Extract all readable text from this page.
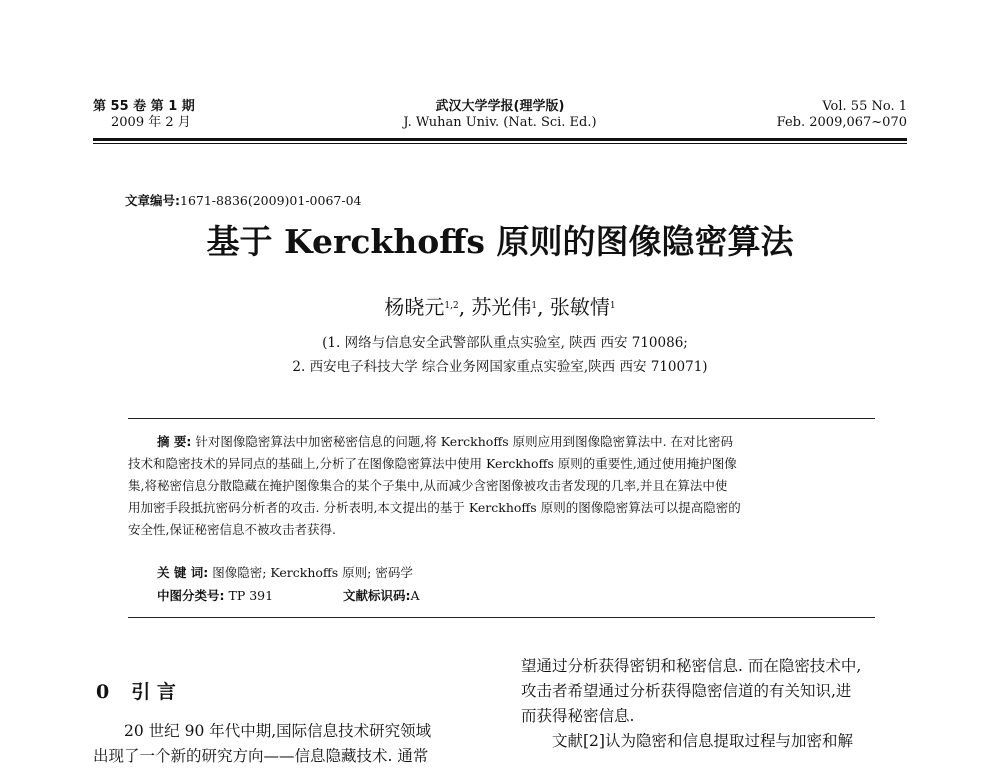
第 55 卷 第 1 期
2009 年 2 月
武汉大学学报(理学版)
J. Wuhan Univ. (Nat. Sci. Ed.)
Vol. 55 No. 1
Feb. 2009,067~070
文章编号:1671-8836(2009)01-0067-04
基于 Kerckhoffs 原则的图像隐密算法
杨晓元$^{1,2}$, 苏光伟$^1$, 张敏情$^1$
(1. 网络与信息安全武警部队重点实验室, 陕西 西安 710086;
2. 西安电子科技大学 综合业务网国家重点实验室,陕西 西安 710071)
摘 要: 针对图像隐密算法中加密秘密信息的问题,将 Kerckhoffs 原则应用到图像隐密算法中. 在对比密码
技术和隐密技术的异同点的基础上,分析了在图像隐密算法中使用 Kerckhoffs 原则的重要性,通过使用掩护图像
集,将秘密信息分散隐藏在掩护图像集合的某个子集中,从而减少含密图像被攻击者发现的几率,并且在算法中使
用加密手段抵抗密码分析者的攻击. 分析表明,本文提出的基于 Kerckhoffs 原则的图像隐密算法可以提高隐密的
安全性,保证秘密信息不被攻击者获得.
关 键 词: 图像隐密; Kerckhoffs 原则; 密码学
中图分类号: TP 391	文献标识码:A
0 引 言
20 世纪 90 年代中期,国际信息技术研究领域
出现了一个新的研究方向——信息隐藏技术. 通常
望通过分析获得密钥和秘密信息. 而在隐密技术中,
攻击者希望通过分析获得隐密信道的有关知识,进
而获得秘密信息.
文献[2]认为隐密和信息提取过程与加密和解
